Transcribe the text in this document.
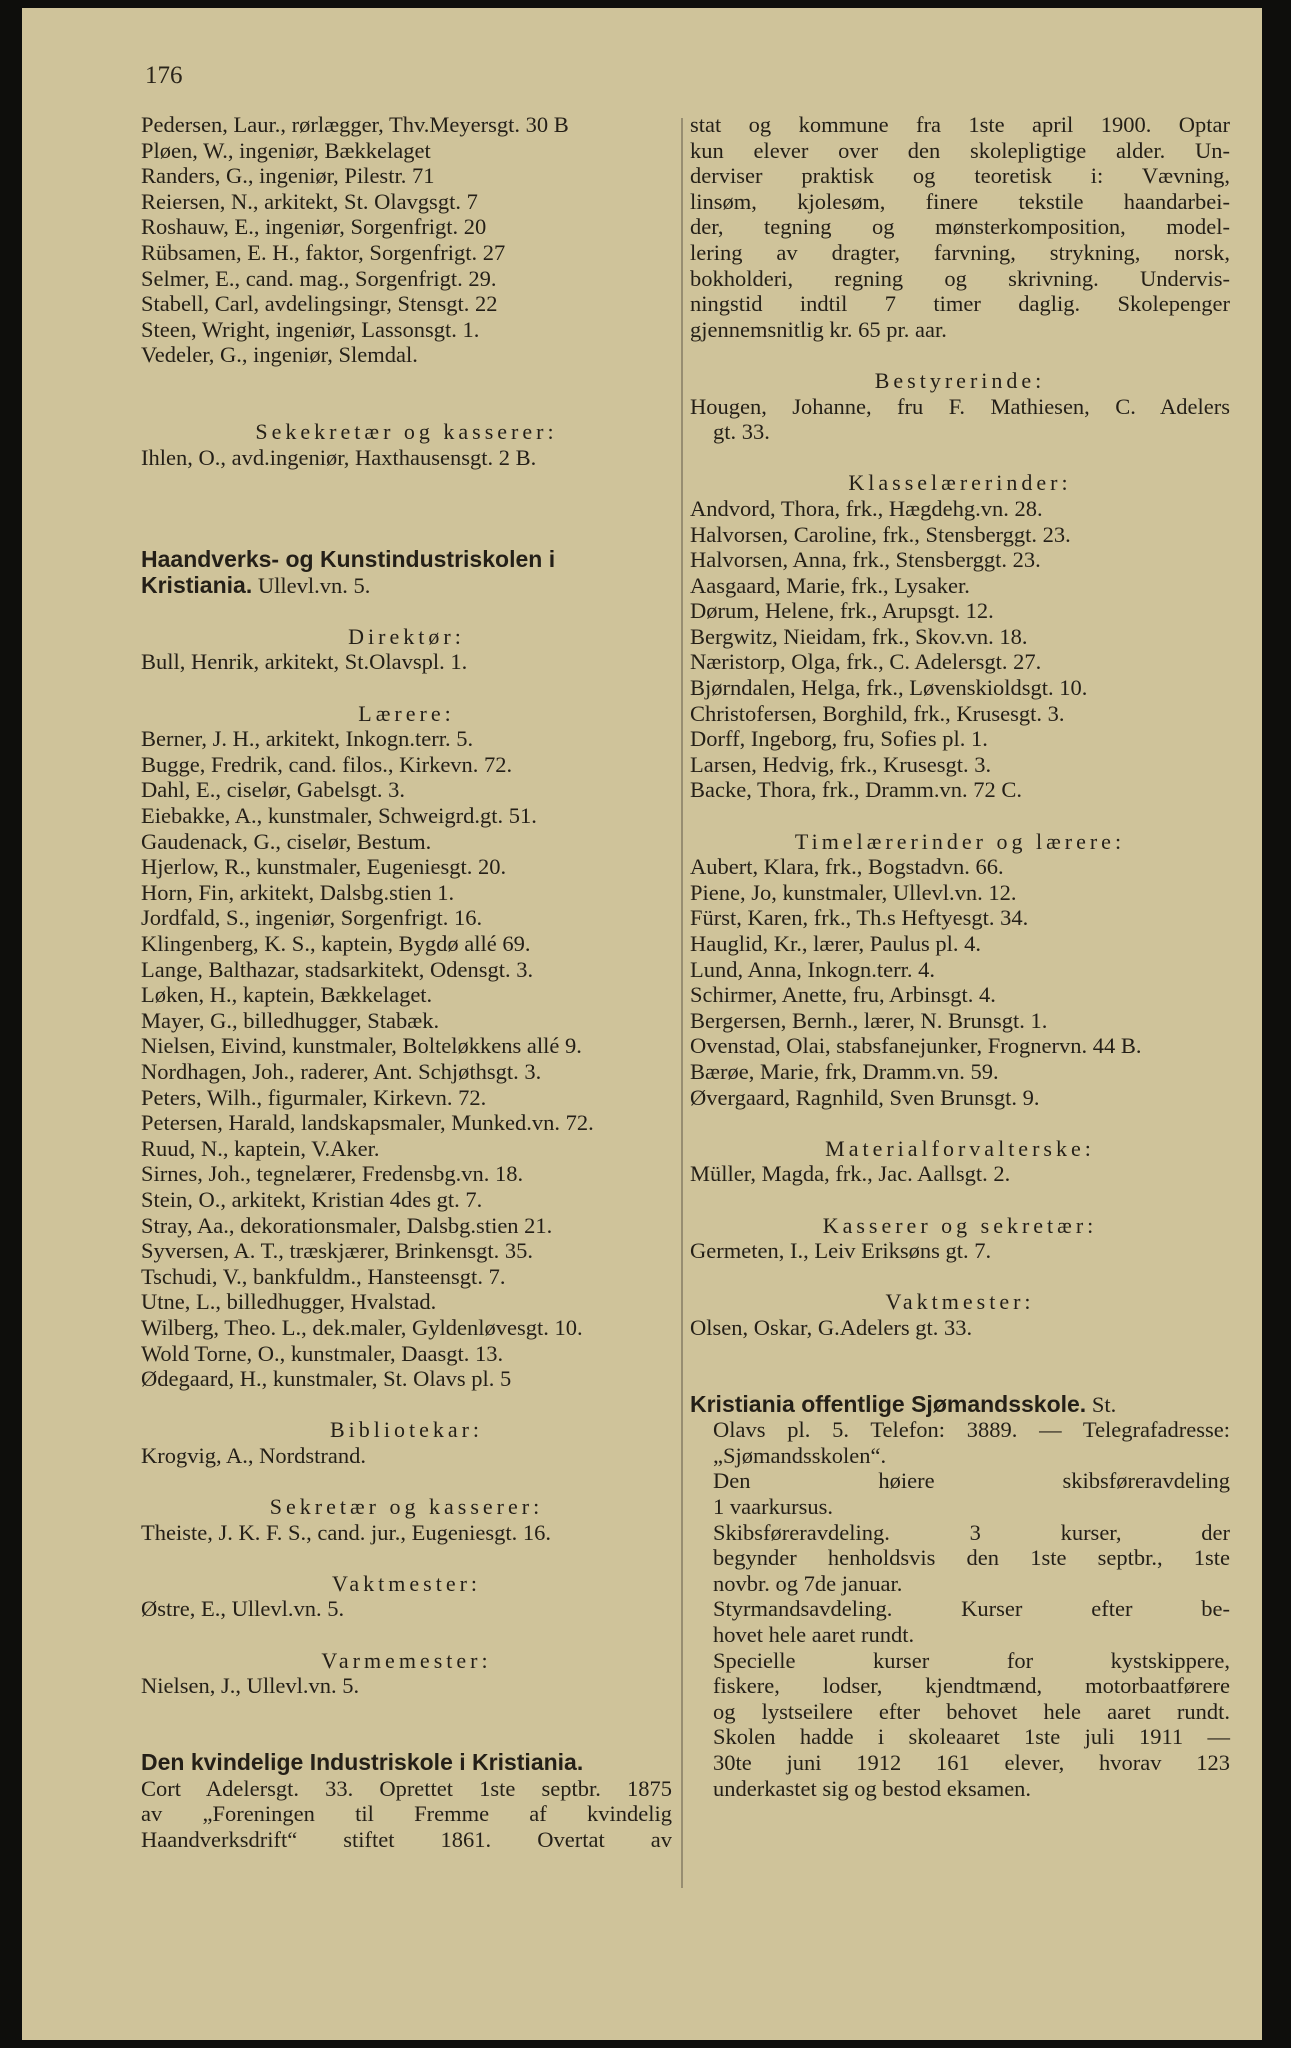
176
Pedersen, Laur., rørlægger, Thv.Meyersgt. 30 B
Pløen, W., ingeniør, Bækkelaget
Randers, G., ingeniør, Pilestr. 71
Reiersen, N., arkitekt, St. Olavgsgt. 7
Roshauw, E., ingeniør, Sorgenfrigt. 20
Rübsamen, E. H., faktor, Sorgenfrigt. 27
Selmer, E., cand. mag., Sorgenfrigt. 29.
Stabell, Carl, avdelingsingr, Stensgt. 22
Steen, Wright, ingeniør, Lassonsgt. 1.
Vedeler, G., ingeniør, Slemdal.
Sekekretær og kasserer:
Ihlen, O., avd.ingeniør, Haxthausensgt. 2 B.
Haandverks- og Kunstindustriskolen i
Kristiania. Ullevl.vn. 5.
Direktør:
Bull, Henrik, arkitekt, St.Olavspl. 1.
Lærere:
Berner, J. H., arkitekt, Inkogn.terr. 5.
Bugge, Fredrik, cand. filos., Kirkevn. 72.
Dahl, E., ciselør, Gabelsgt. 3.
Eiebakke, A., kunstmaler, Schweigrd.gt. 51.
Gaudenack, G., ciselør, Bestum.
Hjerlow, R., kunstmaler, Eugeniesgt. 20.
Horn, Fin, arkitekt, Dalsbg.stien 1.
Jordfald, S., ingeniør, Sorgenfrigt. 16.
Klingenberg, K. S., kaptein, Bygdø allé 69.
Lange, Balthazar, stadsarkitekt, Odensgt. 3.
Løken, H., kaptein, Bækkelaget.
Mayer, G., billedhugger, Stabæk.
Nielsen, Eivind, kunstmaler, Bolteløkkens allé 9.
Nordhagen, Joh., raderer, Ant. Schjøthsgt. 3.
Peters, Wilh., figurmaler, Kirkevn. 72.
Petersen, Harald, landskapsmaler, Munked.vn. 72.
Ruud, N., kaptein, V.Aker.
Sirnes, Joh., tegnelærer, Fredensbg.vn. 18.
Stein, O., arkitekt, Kristian 4des gt. 7.
Stray, Aa., dekorationsmaler, Dalsbg.stien 21.
Syversen, A. T., træskjærer, Brinkensgt. 35.
Tschudi, V., bankfuldm., Hansteensgt. 7.
Utne, L., billedhugger, Hvalstad.
Wilberg, Theo. L., dek.maler, Gyldenløvesgt. 10.
Wold Torne, O., kunstmaler, Daasgt. 13.
Ødegaard, H., kunstmaler, St. Olavs pl. 5
Bibliotekar:
Krogvig, A., Nordstrand.
Sekretær og kasserer:
Theiste, J. K. F. S., cand. jur., Eugeniesgt. 16.
Vaktmester:
Østre, E., Ullevl.vn. 5.
Varmemester:
Nielsen, J., Ullevl.vn. 5.
Den kvindelige Industriskole i Kristiania.
Cort Adelersgt. 33. Oprettet 1ste septbr. 1875
av „Foreningen til Fremme af kvindelig
Haandverksdrift“ stiftet 1861. Overtat av
stat og kommune fra 1ste april 1900. Optar
kun elever over den skolepligtige alder. Un-
derviser praktisk og teoretisk i: Vævning,
linsøm, kjolesøm, finere tekstile haandarbei-
der, tegning og mønsterkomposition, model-
lering av dragter, farvning, strykning, norsk,
bokholderi, regning og skrivning. Undervis-
ningstid indtil 7 timer daglig. Skolepenger
gjennemsnitlig kr. 65 pr. aar.
Bestyrerinde:
Hougen, Johanne, fru F. Mathiesen, C. Adelers
gt. 33.
Klasselærerinder:
Andvord, Thora, frk., Hægdehg.vn. 28.
Halvorsen, Caroline, frk., Stensberggt. 23.
Halvorsen, Anna, frk., Stensberggt. 23.
Aasgaard, Marie, frk., Lysaker.
Dørum, Helene, frk., Arupsgt. 12.
Bergwitz, Nieidam, frk., Skov.vn. 18.
Næristorp, Olga, frk., C. Adelersgt. 27.
Bjørndalen, Helga, frk., Løvenskioldsgt. 10.
Christofersen, Borghild, frk., Krusesgt. 3.
Dorff, Ingeborg, fru, Sofies pl. 1.
Larsen, Hedvig, frk., Krusesgt. 3.
Backe, Thora, frk., Dramm.vn. 72 C.
Timelærerinder og lærere:
Aubert, Klara, frk., Bogstadvn. 66.
Piene, Jo, kunstmaler, Ullevl.vn. 12.
Fürst, Karen, frk., Th.s Heftyesgt. 34.
Hauglid, Kr., lærer, Paulus pl. 4.
Lund, Anna, Inkogn.terr. 4.
Schirmer, Anette, fru, Arbinsgt. 4.
Bergersen, Bernh., lærer, N. Brunsgt. 1.
Ovenstad, Olai, stabsfanejunker, Frognervn. 44 B.
Bærøe, Marie, frk, Dramm.vn. 59.
Øvergaard, Ragnhild, Sven Brunsgt. 9.
Materialforvalterske:
Müller, Magda, frk., Jac. Aallsgt. 2.
Kasserer og sekretær:
Germeten, I., Leiv Eriksøns gt. 7.
Vaktmester:
Olsen, Oskar, G.Adelers gt. 33.
Kristiania offentlige Sjømandsskole. St.
Olavs pl. 5. Telefon: 3889. — Telegrafadresse:
„Sjømandsskolen“.
Den høiere skibsføreravdeling
1 vaarkursus.
Skibsføreravdeling. 3 kurser, der
begynder henholdsvis den 1ste septbr., 1ste
novbr. og 7de januar.
Styrmandsavdeling. Kurser efter be-
hovet hele aaret rundt.
Specielle kurser for kystskippere,
fiskere, lodser, kjendtmænd, motorbaatførere
og lystseilere efter behovet hele aaret rundt.
Skolen hadde i skoleaaret 1ste juli 1911 —
30te juni 1912 161 elever, hvorav 123
underkastet sig og bestod eksamen.
